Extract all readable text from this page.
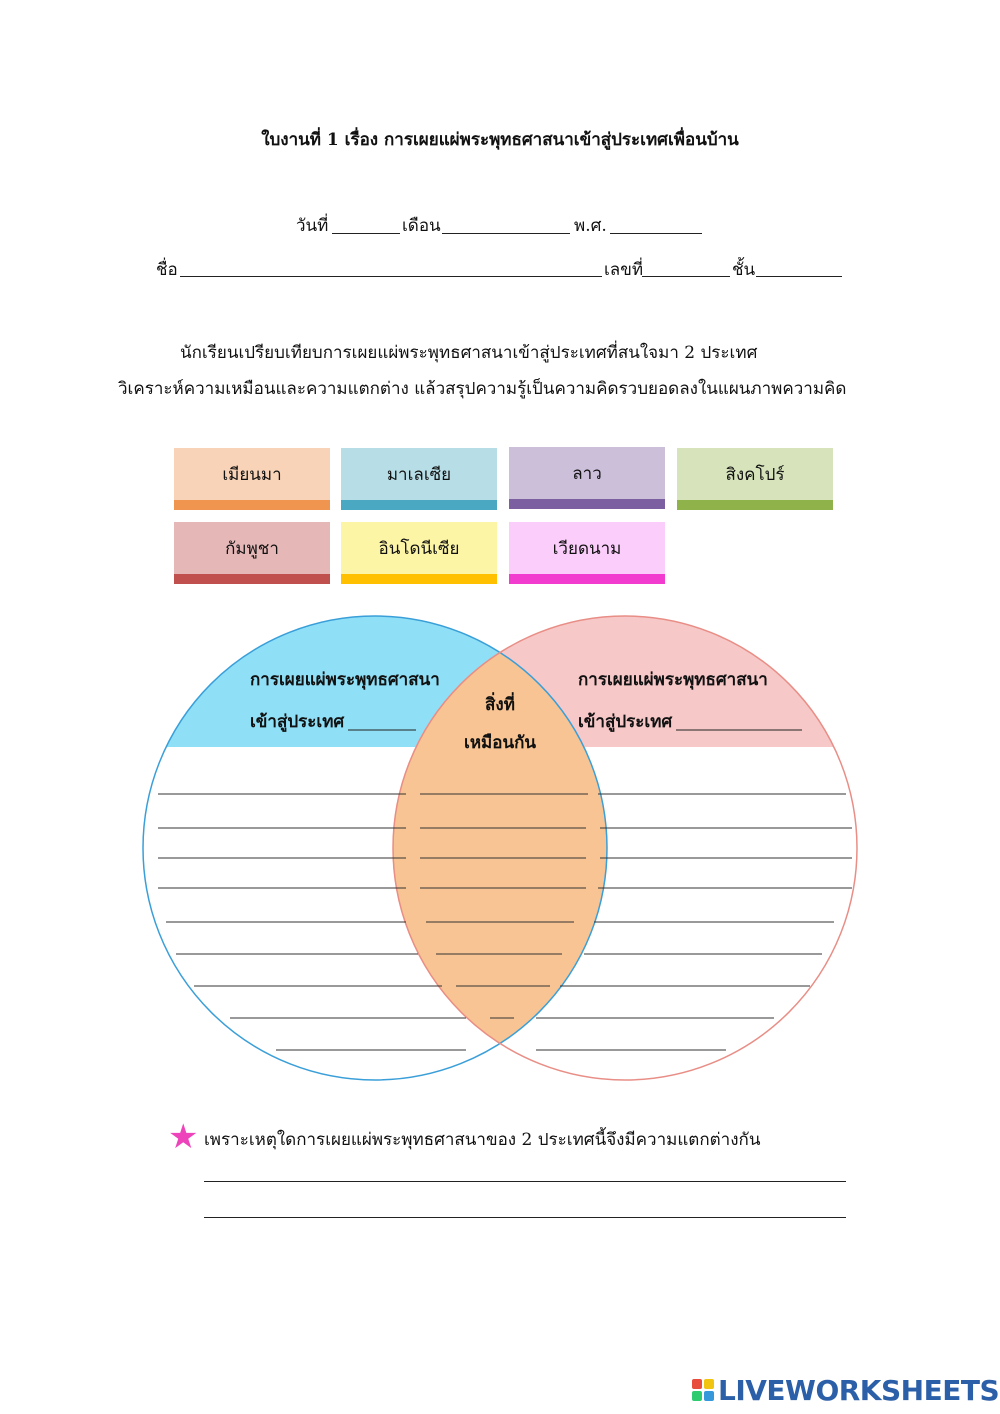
ใบงานที่ 1 เรื่อง การเผยแผ่พระพุทธศาสนาเข้าสู่ประเทศเพื่อนบ้าน
วันที่	เดือน	พ.ศ.
ชื่อ	เลขที่	ชั้น
นักเรียนเปรียบเทียบการเผยแผ่พระพุทธศาสนาเข้าสู่ประเทศที่สนใจมา 2 ประเทศ
วิเคราะห์ความเหมือนและความแตกต่าง แล้วสรุปความรู้เป็นความคิดรวบยอดลงในแผนภาพความคิด
เมียนมา	มาเลเซีย	ลาว	สิงคโปร์
กัมพูชา	อินโดนีเซีย	เวียดนาม
การเผยแผ่พระพุทธศาสนา
เข้าสู่ประเทศ
การเผยแผ่พระพุทธศาสนา
เข้าสู่ประเทศ
สิ่งที่
เหมือนกัน
★ เพราะเหตุใดการเผยแผ่พระพุทธศาสนาของ 2 ประเทศนี้จึงมีความแตกต่างกัน
LIVEWORKSHEETS
